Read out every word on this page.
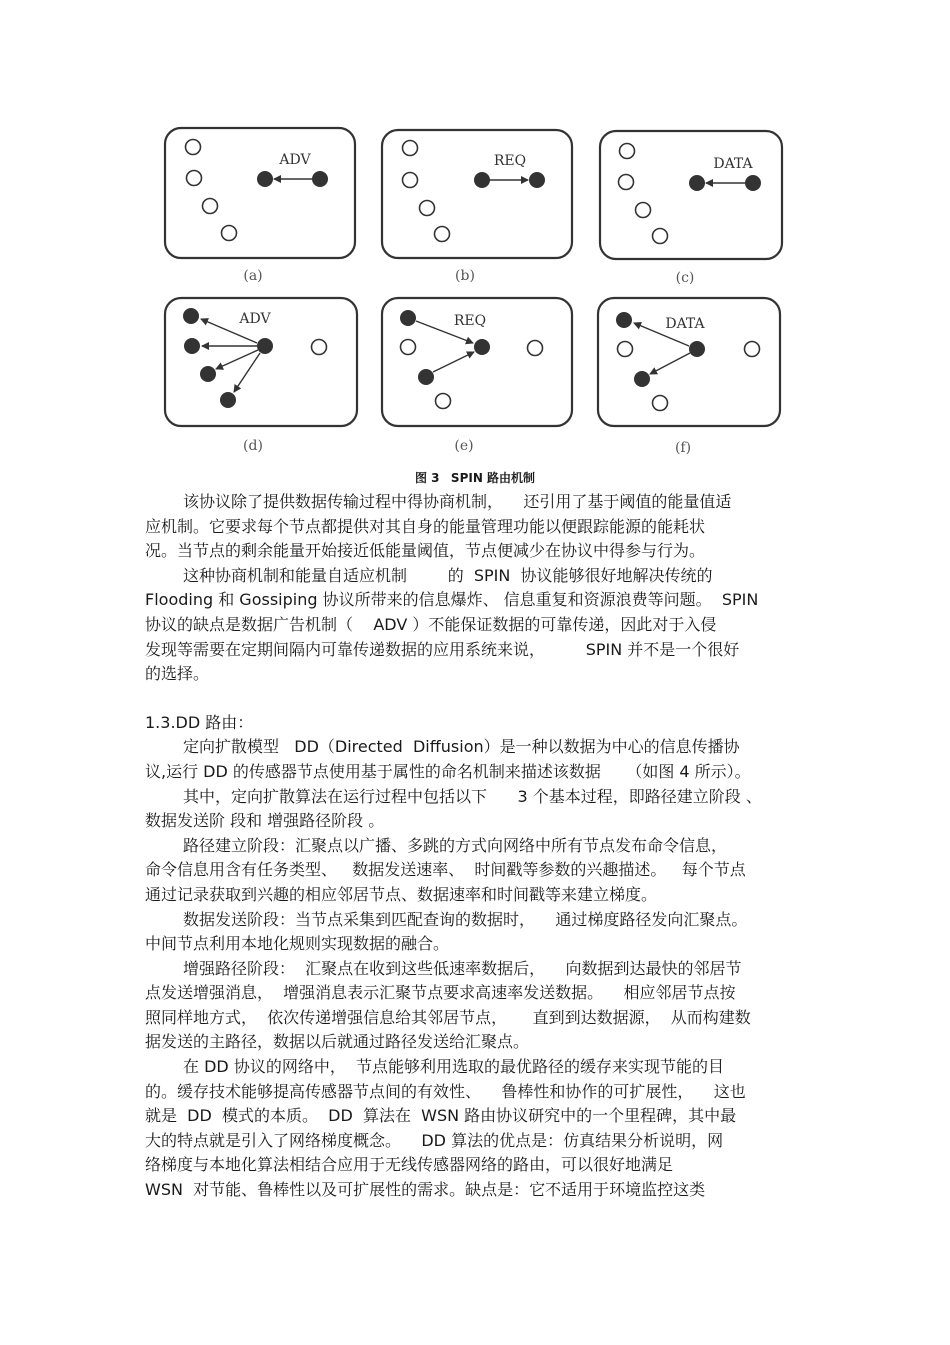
ADV
(a)
REQ
(b)
DATA
(c)
ADV
(d)
REQ
(e)
DATA
(f)
图 3 SPIN 路由机制

该协议除了提供数据传输过程中得协商机制，    还引用了基于阈值的能量值适
应机制。它要求每个节点都提供对其自身的能量管理功能以便跟踪能源的能耗状
况。当节点的剩余能量开始接近低能量阈值，节点便减少在协议中得参与行为。

这种协商机制和能量自适应机制        的  SPIN  协议能够很好地解决传统的
Flooding 和 Gossiping 协议所带来的信息爆炸、 信息重复和资源浪费等问题。  SPIN
协议的缺点是数据广告机制（    ADV ）不能保证数据的可靠传递，因此对于入侵
发现等需要在定期间隔内可靠传递数据的应用系统来说，        SPIN 并不是一个很好
的选择。

1.3.DD 路由：

定向扩散模型   DD（Directed  Diffusion）是一种以数据为中心的信息传播协
议,运行 DD 的传感器节点使用基于属性的命名机制来描述该数据     （如图 4 所示）。

其中，定向扩散算法在运行过程中包括以下      3 个基本过程，即路径建立阶段 、
数据发送阶 段和 增强路径阶段 。

路径建立阶段：汇聚点以广播、多跳的方式向网络中所有节点发布命令信息，
命令信息用含有任务类型、   数据发送速率、  时间戳等参数的兴趣描述。   每个节点
通过记录获取到兴趣的相应邻居节点、数据速率和时间戳等来建立梯度。

数据发送阶段：当节点采集到匹配查询的数据时，    通过梯度路径发向汇聚点。
中间节点利用本地化规则实现数据的融合。

增强路径阶段：  汇聚点在收到这些低速率数据后，    向数据到达最快的邻居节
点发送增强消息，  增强消息表示汇聚节点要求高速率发送数据。    相应邻居节点按
照同样地方式，  依次传递增强信息给其邻居节点，     直到到达数据源，  从而构建数
据发送的主路径，数据以后就通过路径发送给汇聚点。

在 DD 协议的网络中，  节点能够利用选取的最优路径的缓存来实现节能的目
的。缓存技术能够提高传感器节点间的有效性、    鲁棒性和协作的可扩展性，    这也
就是  DD  模式的本质。  DD  算法在  WSN 路由协议研究中的一个里程碑，其中最
大的特点就是引入了网络梯度概念。    DD 算法的优点是：仿真结果分析说明，网
络梯度与本地化算法相结合应用于无线传感器网络的路由，可以很好地满足
WSN  对节能、鲁棒性以及可扩展性的需求。缺点是：它不适用于环境监控这类
